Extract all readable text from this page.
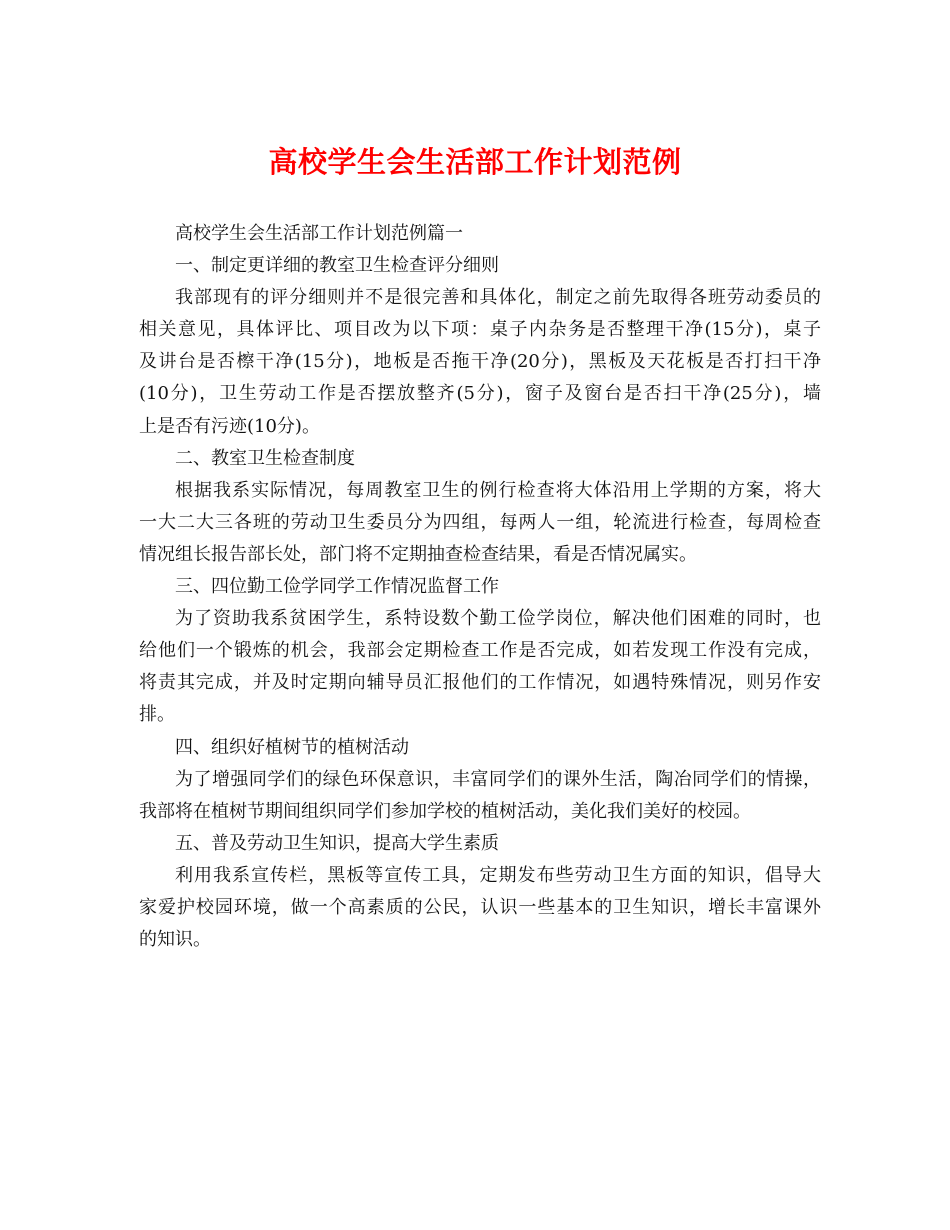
高校学生会生活部工作计划范例
高校学生会生活部工作计划范例篇一
一、制定更详细的教室卫生检查评分细则
我部现有的评分细则并不是很完善和具体化，制定之前先取得各班劳动委员的
相关意见，具体评比、项目改为以下项：桌子内杂务是否整理干净(15分)，桌子
及讲台是否檫干净(15分)，地板是否拖干净(20分)，黑板及天花板是否打扫干净
(10分)，卫生劳动工作是否摆放整齐(5分)，窗子及窗台是否扫干净(25分)，墙
上是否有污迹(10分)。
二、教室卫生检查制度
根据我系实际情况，每周教室卫生的例行检查将大体沿用上学期的方案，将大
一大二大三各班的劳动卫生委员分为四组，每两人一组，轮流进行检查，每周检查
情况组长报告部长处，部门将不定期抽查检查结果，看是否情况属实。
三、四位勤工俭学同学工作情况监督工作
为了资助我系贫困学生，系特设数个勤工俭学岗位，解决他们困难的同时，也
给他们一个锻炼的机会，我部会定期检查工作是否完成，如若发现工作没有完成，
将责其完成，并及时定期向辅导员汇报他们的工作情况，如遇特殊情况，则另作安
排。
四、组织好植树节的植树活动
为了增强同学们的绿色环保意识，丰富同学们的课外生活，陶冶同学们的情操，
我部将在植树节期间组织同学们参加学校的植树活动，美化我们美好的校园。
五、普及劳动卫生知识，提高大学生素质
利用我系宣传栏，黑板等宣传工具，定期发布些劳动卫生方面的知识，倡导大
家爱护校园环境，做一个高素质的公民，认识一些基本的卫生知识，增长丰富课外
的知识。
